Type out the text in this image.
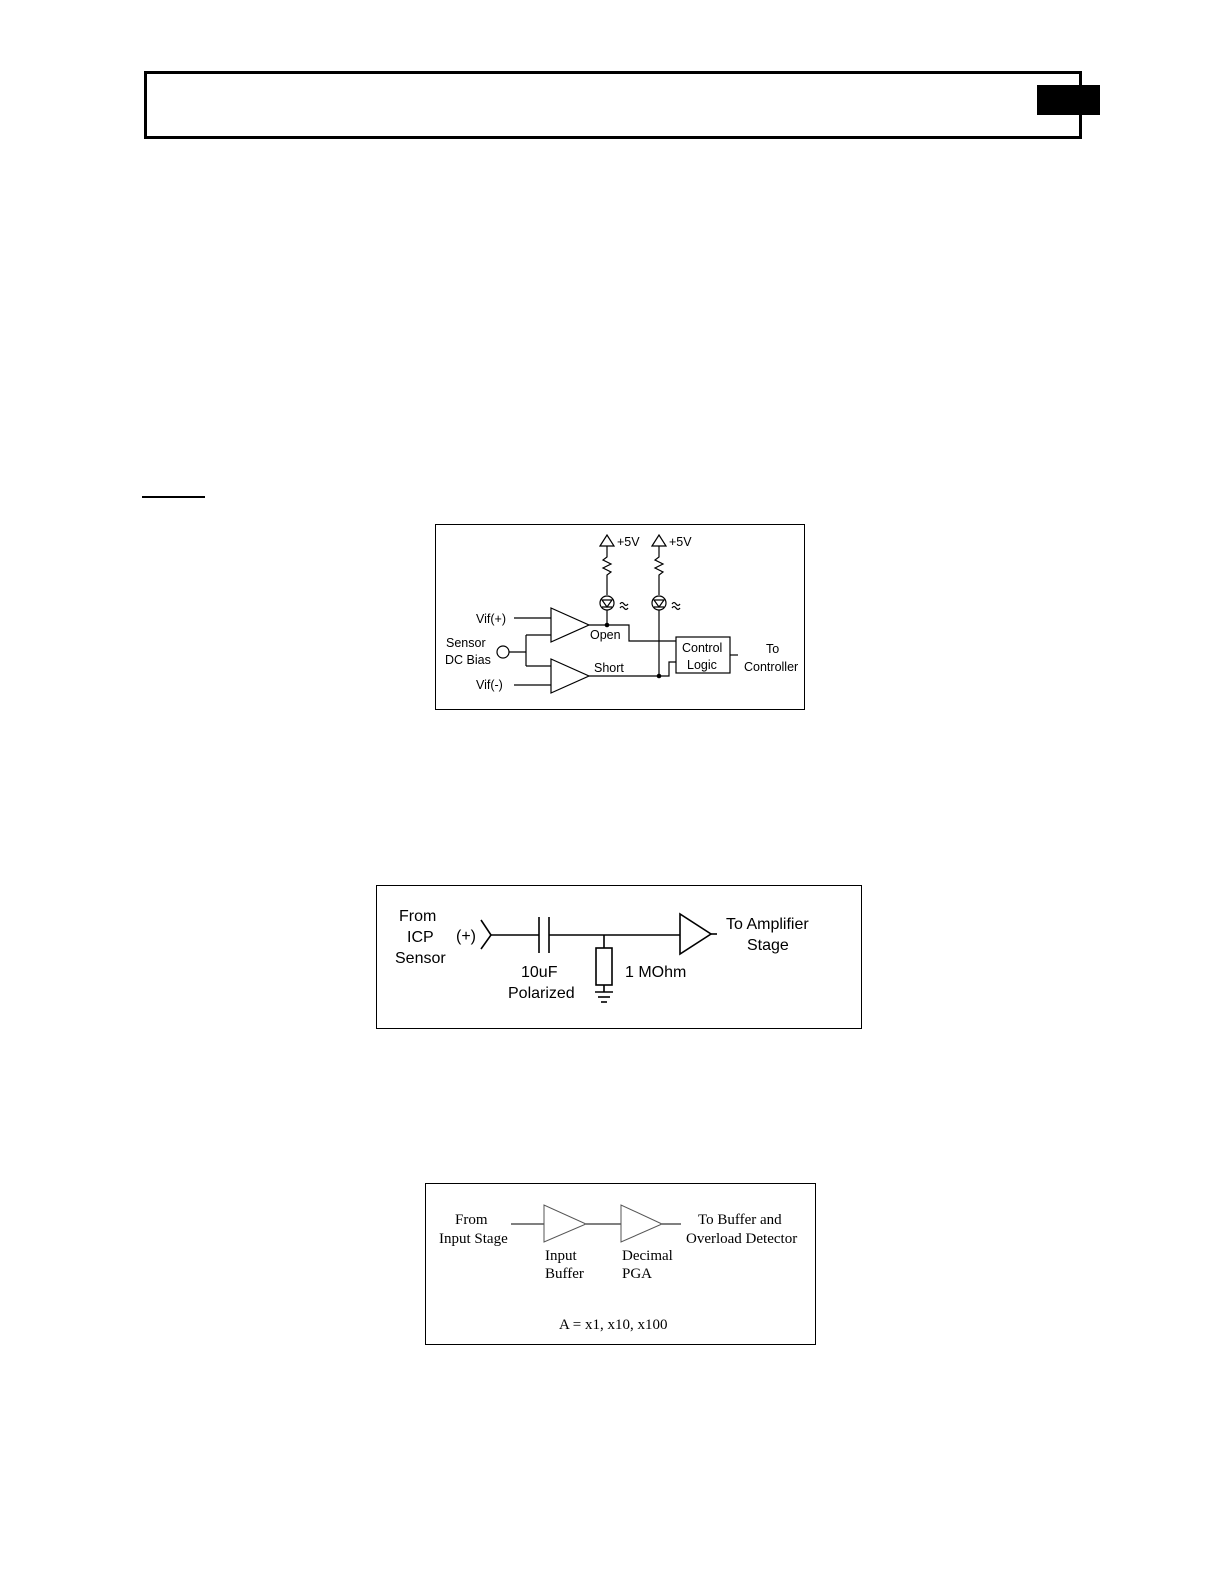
+5V +5V
Vif(+)
Sensor
DC Bias
Vif(-)
Open
Short
Control
Logic
To
Controller
From
ICP
Sensor
(+)
10uF
Polarized
1 MOhm
To Amplifier
Stage
From
Input Stage
Input
Buffer
Decimal
PGA
To Buffer and
Overload Detector
A = x1, x10, x100
